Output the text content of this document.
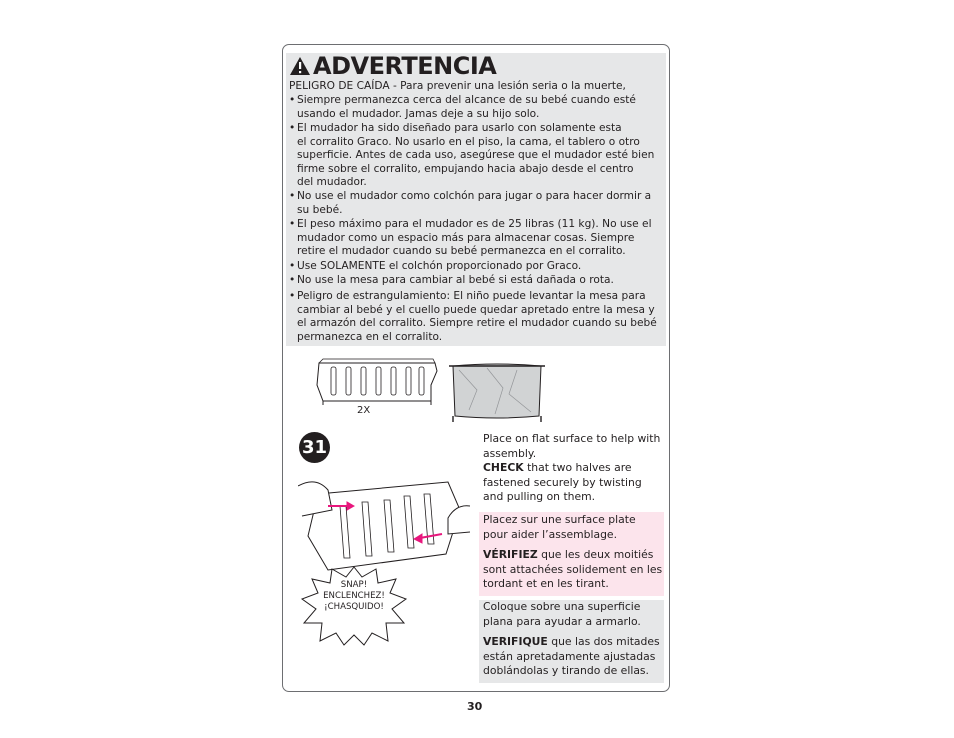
ADVERTENCIA
PELIGRO DE CAÍDA - Para prevenir una lesión seria o la muerte,
• Siempre permanezca cerca del alcance de su bebé cuando esté
usando el mudador. Jamas deje a su hijo solo.
• El mudador ha sido diseñado para usarlo con solamente esta
el corralito Graco. No usarlo en el piso, la cama, el tablero o otro
superficie. Antes de cada uso, asegúrese que el mudador esté bien
firme sobre el corralito, empujando hacia abajo desde el centro
del mudador.
• No use el mudador como colchón para jugar o para hacer dormir a
su bebé.
• El peso máximo para el mudador es de 25 libras (11 kg). No use el
mudador como un espacio más para almacenar cosas. Siempre
retire el mudador cuando su bebé permanezca en el corralito.
• Use SOLAMENTE el colchón proporcionado por Graco.
• No use la mesa para cambiar al bebé si está dañada o rota.
• Peligro de estrangulamiento: El niño puede levantar la mesa para
cambiar al bebé y el cuello puede quedar apretado entre la mesa y
el armazón del corralito. Siempre retire el mudador cuando su bebé
permanezca en el corralito.
2X
31
SNAP!
ENCLENCHEZ!
¡CHASQUIDO!
Place on flat surface to help with assembly.
CHECK that two halves are fastened securely by twisting and pulling on them.
Placez sur une surface plate pour aider l’assemblage.
VÉRIFIEZ que les deux moitiés sont attachées solidement en les tordant et en les tirant.
Coloque sobre una superficie plana para ayudar a armarlo.
VERIFIQUE que las dos mitades están apretadamente ajustadas doblándolas y tirando de ellas.
30
